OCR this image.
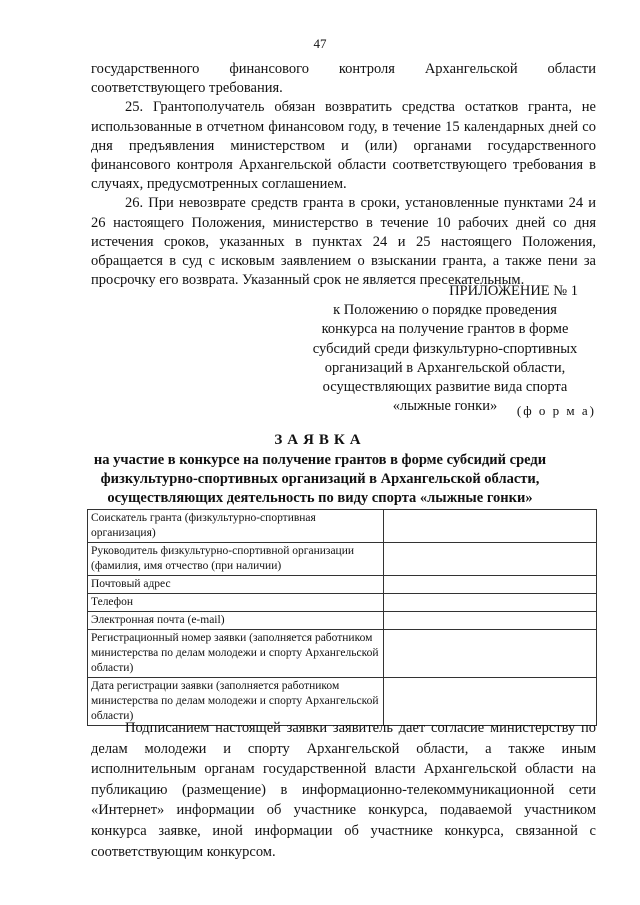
47

государственного финансового контроля Архангельской области соответствующего требования.

25. Грантополучатель обязан возвратить средства остатков гранта, не использованные в отчетном финансовом году, в течение 15 календарных дней со дня предъявления министерством и (или) органами государственного финансового контроля Архангельской области соответствующего требования в случаях, предусмотренных соглашением.

26. При невозврате средств гранта в сроки, установленные пунктами 24 и 26 настоящего Положения, министерство в течение 10 рабочих дней со дня истечения сроков, указанных в пунктах 24 и 25 настоящего Положения, обращается в суд с исковым заявлением о взыскании гранта, а также пени за просрочку его возврата. Указанный срок не является пресекательным.

ПРИЛОЖЕНИЕ № 1
к Положению о порядке проведения
конкурса на получение грантов в форме
субсидий среди физкультурно-спортивных
организаций в Архангельской области,
осуществляющих развитие вида спорта
«лыжные гонки»	(ф о р м а)
ЗАЯВКА
на участие в конкурсе на получение грантов в форме субсидий среди
физкультурно-спортивных организаций в Архангельской области,
осуществляющих деятельность по виду спорта «лыжные гонки»
Соискатель гранта (физкультурно-спортивная организация)	
Руководитель физкультурно-спортивной организации (фамилия, имя отчество (при наличии)	
Почтовый адрес	
Телефон	
Электронная почта (e-mail)	
Регистрационный номер заявки (заполняется работником министерства по делам молодежи и спорту Архангельской области)	
Дата регистрации заявки (заполняется работником министерства по делам молодежи и спорту Архангельской области)	

Подписанием настоящей заявки заявитель дает согласие министерству по делам молодежи и спорту Архангельской области, а также иным исполнительным органам государственной власти Архангельской области на публикацию (размещение) в информационно-телекоммуникационной сети «Интернет» информации об участнике конкурса, подаваемой участником конкурса заявке, иной информации об участнике конкурса, связанной с соответствующим конкурсом.
